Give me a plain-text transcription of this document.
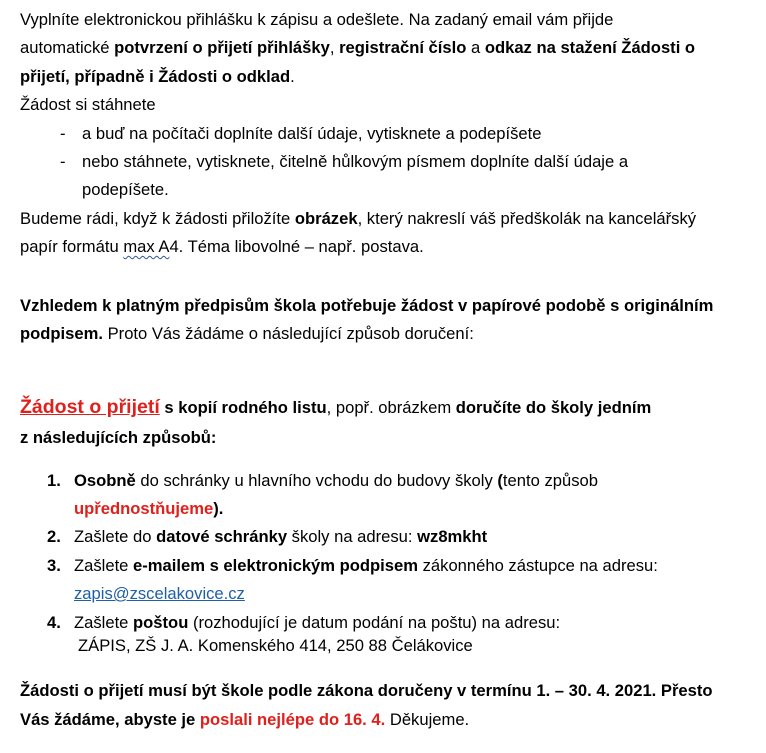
Vyplníte elektronickou přihlášku k zápisu a odešlete. Na zadaný email vám přijde
automatické potvrzení o přijetí přihlášky, registrační číslo a odkaz na stažení Žádosti o
přijetí, případně i Žádosti o odklad.
Žádost si stáhnete
- a buď na počítači doplníte další údaje, vytisknete a podepíšete
- nebo stáhnete, vytisknete, čitelně hůlkovým písmem doplníte další údaje a
podepíšete.
Budeme rádi, když k žádosti přiložíte obrázek, který nakreslí váš předškolák na kancelářský
papír formátu max A4. Téma libovolné – např. postava.
Vzhledem k platným předpisům škola potřebuje žádost v papírové podobě s originálním
podpisem. Proto Vás žádáme o následující způsob doručení:
Žádost o přijetí s kopií rodného listu, popř. obrázkem doručíte do školy jedním
z následujících způsobů:
1. Osobně do schránky u hlavního vchodu do budovy školy (tento způsob
upřednostňujeme).
2. Zašlete do datové schránky školy na adresu: wz8mkht
3. Zašlete e-mailem s elektronickým podpisem zákonného zástupce na adresu:
zapis@zscelakovice.cz
4. Zašlete poštou (rozhodující je datum podání na poštu) na adresu:
ZÁPIS, ZŠ J. A. Komenského 414, 250 88 Čelákovice
Žádosti o přijetí musí být škole podle zákona doručeny v termínu 1. – 30. 4. 2021. Přesto
Vás žádáme, abyste je poslali nejlépe do 16. 4. Děkujeme.
